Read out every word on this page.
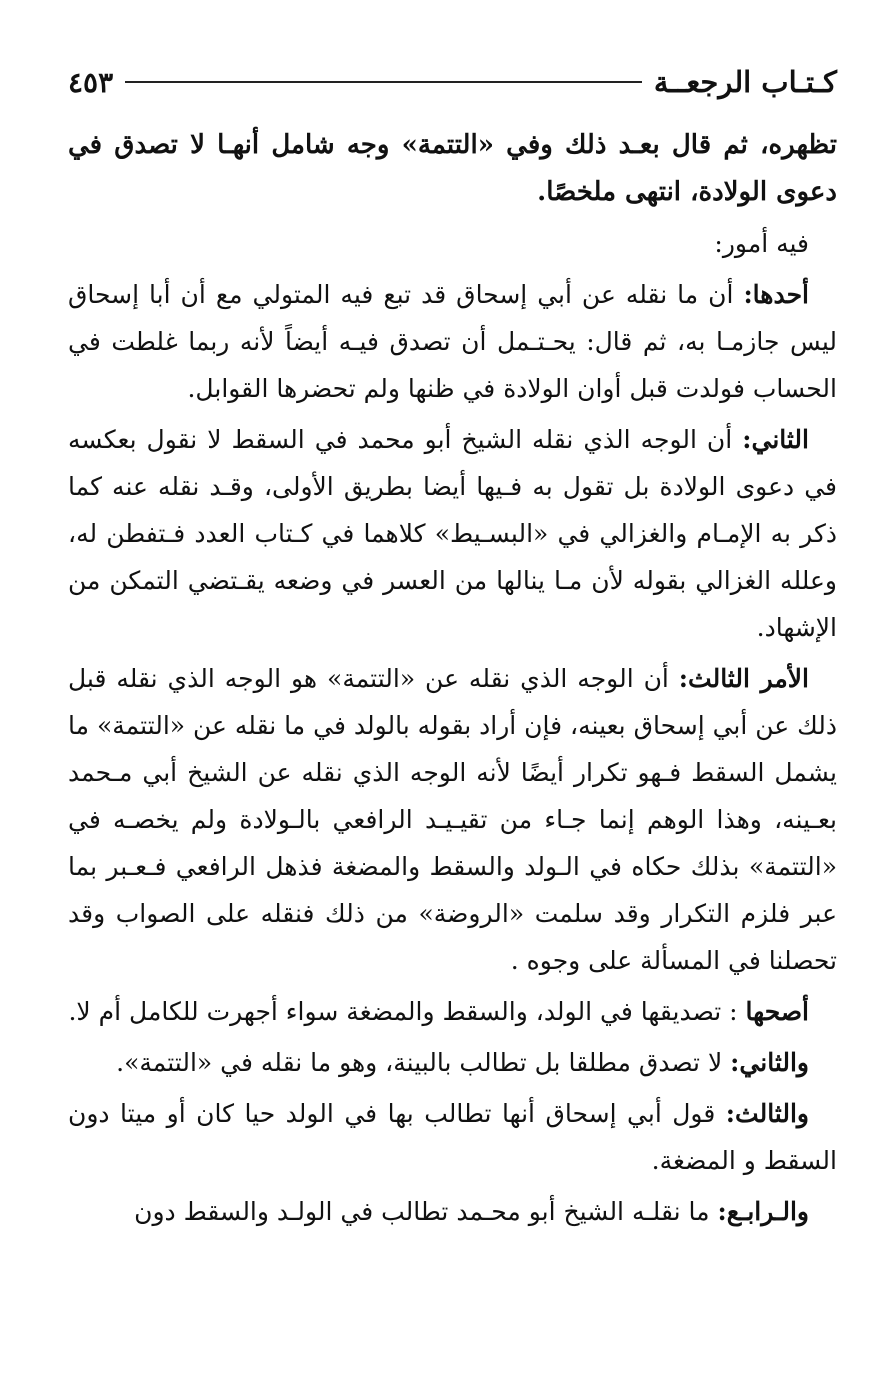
كـتـاب الرجعــة
٤٥٣

تظهره، ثم قال بعـد ذلك وفي «التتمة» وجه شامل أنهـا لا تصدق في دعوى الولادة، انتهى ملخصًا.

فيه أمور:

أحدها: أن ما نقله عن أبي إسحاق قد تبع فيه المتولي مع أن أبا إسحاق ليس جازمـا به، ثم قال: يحـتـمل أن تصدق فيـه أيضاً لأنه ربما غلطت في الحساب فولدت قبل أوان الولادة في ظنها ولم تحضرها القوابل.

الثاني: أن الوجه الذي نقله الشيخ أبو محمد في السقط لا نقول بعكسه في دعوى الولادة بل تقول به فـيها أيضا بطريق الأولى، وقـد نقله عنه كما ذكر به الإمـام والغزالي في «البسـيط» كلاهما في كـتاب العدد فـتفطن له، وعلله الغزالي بقوله لأن مـا ينالها من العسر في وضعه يقـتضي التمكن من الإشهاد.

الأمر الثالث: أن الوجه الذي نقله عن «التتمة» هو الوجه الذي نقله قبل ذلك عن أبي إسحاق بعينه، فإن أراد بقوله بالولد في ما نقله عن «التتمة» ما يشمل السقط فـهو تكرار أيضًا لأنه الوجه الذي نقله عن الشيخ أبي مـحمد بعـينه، وهذا الوهم إنما جـاء من تقيـيـد الرافعي بالـولادة ولم يخصـه في «التتمة» بذلك حكاه في الـولد والسقط والمضغة فذهل الرافعي فـعـبر بما عبر فلزم التكرار وقد سلمت «الروضة» من ذلك فنقله على الصواب وقد تحصلنا في المسألة على وجوه .

أصحها : تصديقها في الولد، والسقط والمضغة سواء أجهرت للكامل أم لا.

والثاني: لا تصدق مطلقا بل تطالب بالبينة، وهو ما نقله في «التتمة».

والثالث: قول أبي إسحاق أنها تطالب بها في الولد حيا كان أو ميتا دون السقط و المضغة.

والـرابـع: ما نقلـه الشيخ أبو محـمد تطالب في الولـد والسقط دون
